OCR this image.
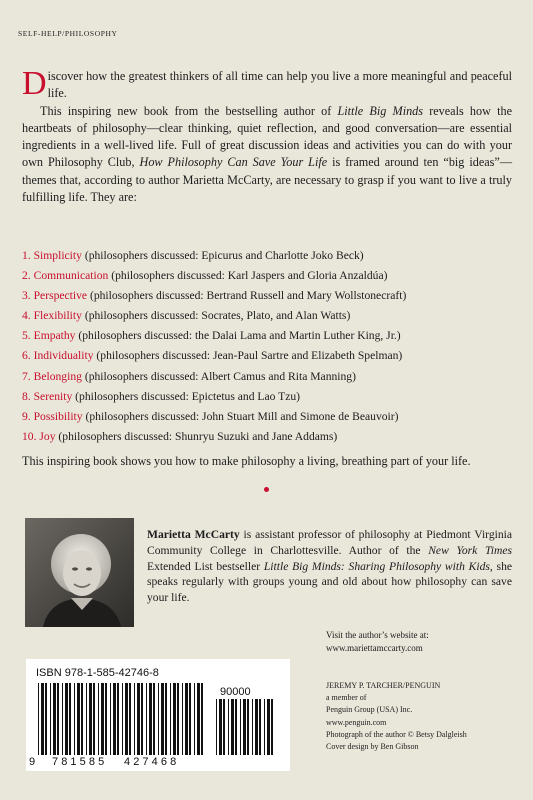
SELF-HELP/PHILOSOPHY

Discover how the greatest thinkers of all time can help you live a more meaningful and peaceful life.

This inspiring new book from the bestselling author of Little Big Minds reveals how the heartbeats of philosophy—clear thinking, quiet reflection, and good conversation—are essential ingredients in a well-lived life. Full of great discussion ideas and activities you can do with your own Philosophy Club, How Philosophy Can Save Your Life is framed around ten “big ideas”—themes that, according to author Marietta McCarty, are necessary to grasp if you want to live a truly fulfilling life. They are:

1. Simplicity (philosophers discussed: Epicurus and Charlotte Joko Beck)
2. Communication (philosophers discussed: Karl Jaspers and Gloria Anzaldúa)
3. Perspective (philosophers discussed: Bertrand Russell and Mary Wollstonecraft)
4. Flexibility (philosophers discussed: Socrates, Plato, and Alan Watts)
5. Empathy (philosophers discussed: the Dalai Lama and Martin Luther King, Jr.)
6. Individuality (philosophers discussed: Jean-Paul Sartre and Elizabeth Spelman)
7. Belonging (philosophers discussed: Albert Camus and Rita Manning)
8. Serenity (philosophers discussed: Epictetus and Lao Tzu)
9. Possibility (philosophers discussed: John Stuart Mill and Simone de Beauvoir)
10. Joy (philosophers discussed: Shunryu Suzuki and Jane Addams)
This inspiring book shows you how to make philosophy a living, breathing part of your life.
Marietta McCarty is assistant professor of philosophy at Piedmont Virginia Community College in Charlottesville. Author of the New York Times Extended List bestseller Little Big Minds: Sharing Philosophy with Kids, she speaks regularly with groups young and old about how philosophy can save your life.
Visit the author’s website at:
www.mariettamccarty.com
ISBN 978-1-585-42746-8
90000
9 781585 427468
JEREMY P. TARCHER/PENGUIN
a member of
Penguin Group (USA) Inc.
www.penguin.com
Photograph of the author © Betsy Dalgleish
Cover design by Ben Gibson
